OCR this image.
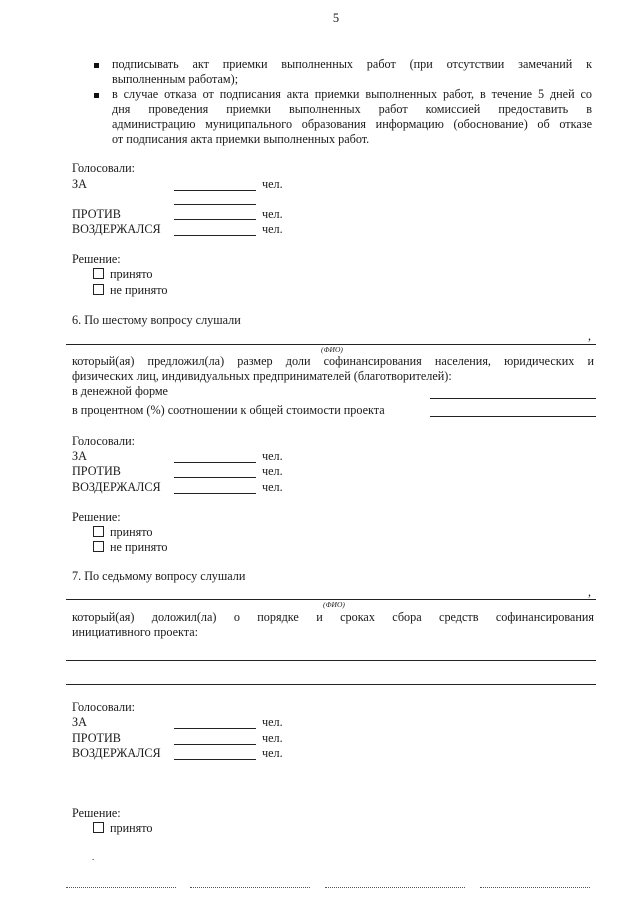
5
подписывать акт приемки выполненных работ (при отсутствии замечаний к
выполненным работам);
в случае отказа от подписания акта приемки выполненных работ, в течение 5 дней со
дня проведения приемки выполненных работ комиссией предоставить в
администрацию муниципального образования информацию (обоснование) об отказе
от подписания акта приемки выполненных работ.
Голосовали:
ЗА	чел.
ПРОТИВ	чел.
ВОЗДЕРЖАЛСЯ	чел.
Решение:
принято
не принято
6. По шестому вопросу слушали
,
(ФИО)
который(ая) предложил(ла) размер доли софинансирования населения, юридических и
физических лиц, индивидуальных предпринимателей (благотворителей):
в денежной форме
в процентном (%) соотношении к общей стоимости проекта
Голосовали:
ЗА	чел.
ПРОТИВ	чел.
ВОЗДЕРЖАЛСЯ	чел.
Решение:
принято
не принято
7. По седьмому вопросу слушали
,
(ФИО)
который(ая) доложил(ла) о порядке и сроках сбора средств софинансирования
инициативного проекта:
Голосовали:
ЗА	чел.
ПРОТИВ	чел.
ВОЗДЕРЖАЛСЯ	чел.
Решение:
принято
.
